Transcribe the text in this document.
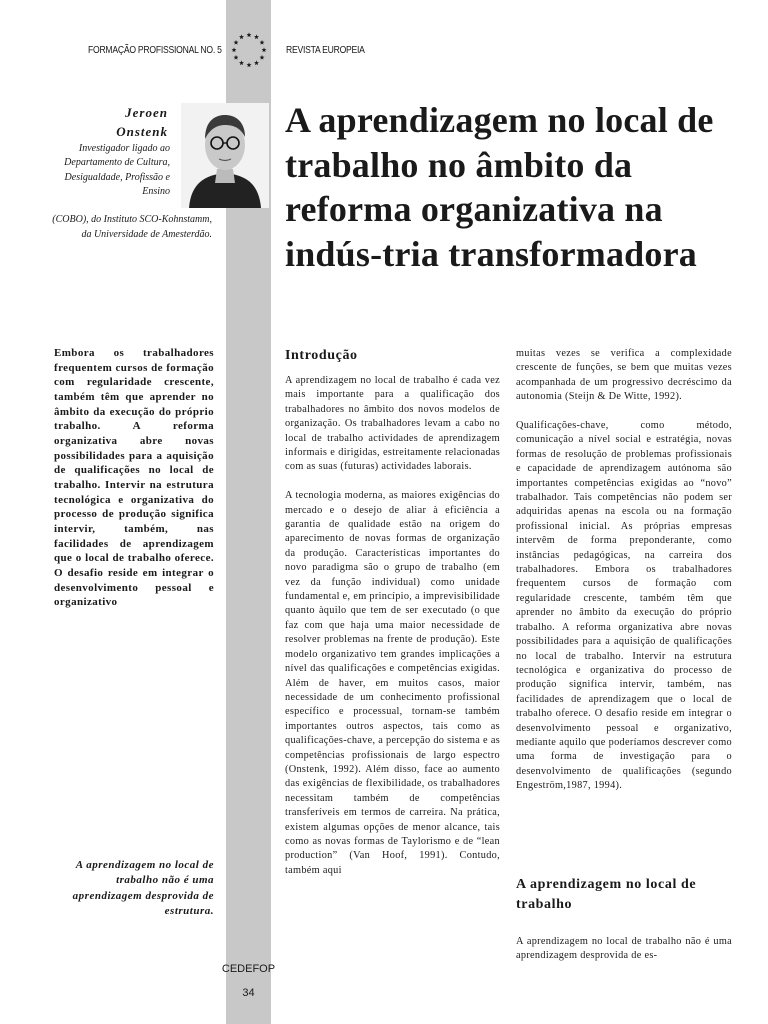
FORMAÇÃO PROFISSIONAL NO. 5	REVISTA EUROPEIA
Jeroen
Onstenk
Investigador ligado ao Departamento de Cultura, Desigualdade, Profissão e Ensino
(COBO), do Instituto SCO-Kohnstamm, da Universidade de Amesterdão.
A aprendizagem no local de trabalho no âmbito da reforma organizativa na indús-tria transformadora
Embora os trabalhadores frequentem cursos de formação com regularidade crescente, também têm que aprender no âmbito da execução do próprio trabalho. A reforma organizativa abre novas possibilidades para a aquisição de qualificações no local de trabalho. Intervir na estrutura tecnológica e organizativa do processo de produção significa intervir, também, nas facilidades de aprendizagem que o local de trabalho oferece. O desafio reside em integrar o desenvolvimento pessoal e organizativo
A aprendizagem no local de trabalho não é uma aprendizagem desprovida de estrutura.
Introdução

A aprendizagem no local de trabalho é cada vez mais importante para a qualificação dos trabalhadores no âmbito dos novos modelos de organização. Os trabalhadores levam a cabo no local de trabalho actividades de aprendizagem informais e dirigidas, estreitamente relacionadas com as suas (futuras) actividades laborais.

A tecnologia moderna, as maiores exigências do mercado e o desejo de aliar à eficiência a garantia de qualidade estão na origem do aparecimento de novas formas de organização da produção. Características importantes do novo paradigma são o grupo de trabalho (em vez da função individual) como unidade fundamental e, em princípio, a imprevisibilidade quanto àquilo que tem de ser executado (o que faz com que haja uma maior necessidade de resolver problemas na frente de produção). Este modelo organizativo tem grandes implicações a nível das qualificações e competências exigidas. Além de haver, em muitos casos, maior necessidade de um conhecimento profissional específico e processual, tornam-se também importantes outros aspectos, tais como as qualificações-chave, a percepção do sistema e as competências profissionais de largo espectro (Onstenk, 1992). Além disso, face ao aumento das exigências de flexibilidade, os trabalhadores necessitam também de competências transferíveis em termos de carreira. Na prática, existem algumas opções de menor alcance, tais como as novas formas de Taylorismo e de “lean production” (Van Hoof, 1991). Contudo, também aqui

muitas vezes se verifica a complexidade crescente de funções, se bem que muitas vezes acompanhada de um progressivo decréscimo da autonomia (Steijn & De Witte, 1992).

Qualificações-chave, como método, comunicação a nível social e estratégia, novas formas de resolução de problemas profissionais e capacidade de aprendizagem autónoma são importantes competências exigidas ao “novo” trabalhador. Tais competências não podem ser adquiridas apenas na escola ou na formação profissional inicial. As próprias empresas intervêm de forma preponderante, como instâncias pedagógicas, na carreira dos trabalhadores. Embora os trabalhadores frequentem cursos de formação com regularidade crescente, também têm que aprender no âmbito da execução do próprio trabalho. A reforma organizativa abre novas possibilidades para a aquisição de qualificações no local de trabalho. Intervir na estrutura tecnológica e organizativa do processo de produção significa intervir, também, nas facilidades de aprendizagem que o local de trabalho oferece. O desafio reside em integrar o desenvolvimento pessoal e organizativo, mediante aquilo que poderíamos descrever como uma forma de investigação para o desenvolvimento de qualificações (segundo Engeström,1987, 1994).

A aprendizagem no local de trabalho

A aprendizagem no local de trabalho não é uma aprendizagem desprovida de es-

CEDEFOP
34
